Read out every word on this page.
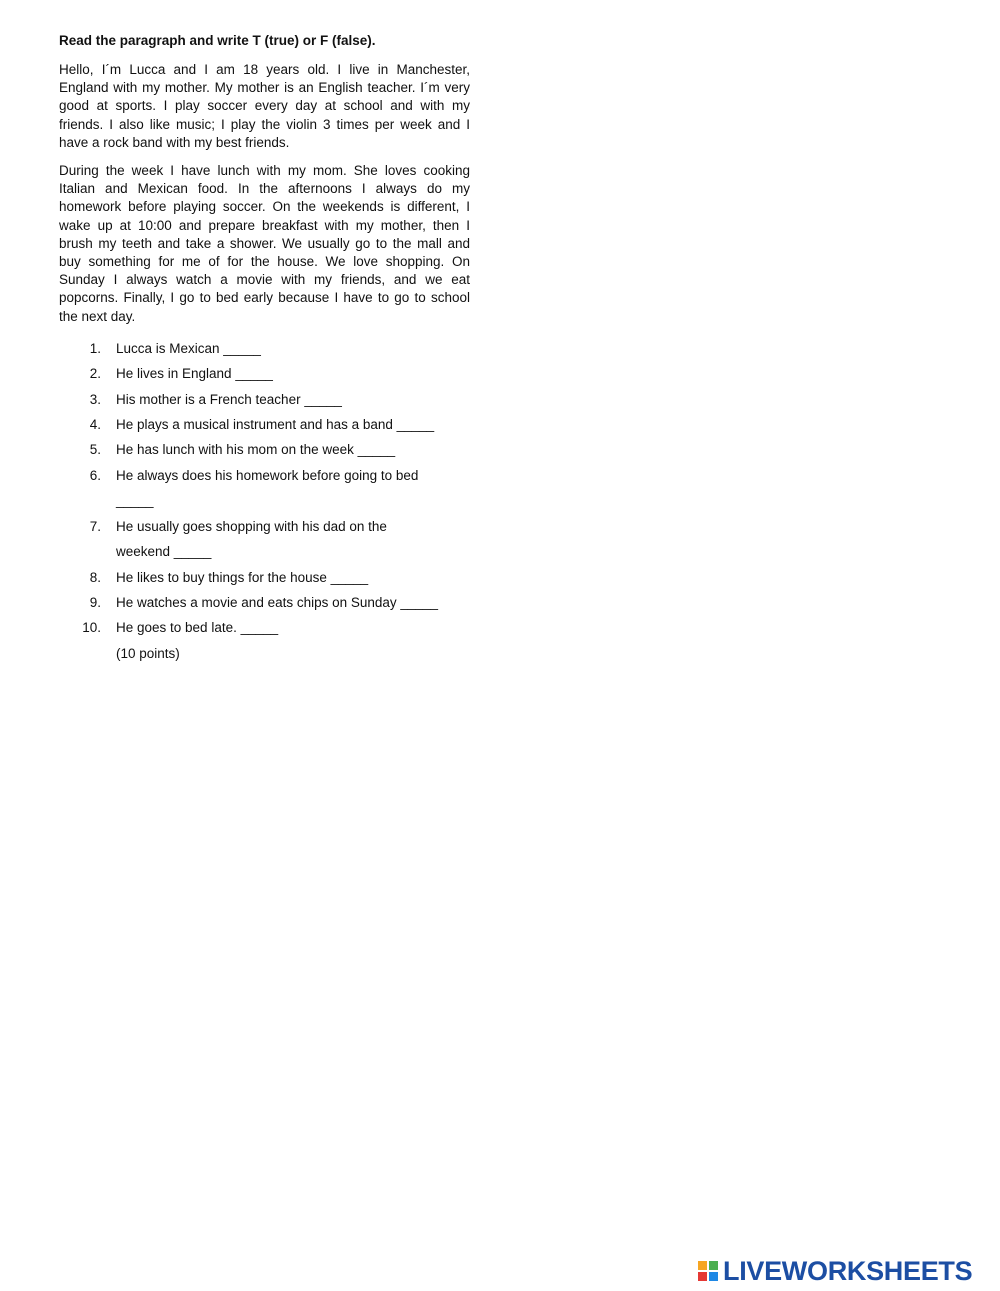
Read the paragraph and write T (true) or F (false).

Hello, I´m Lucca and I am 18 years old. I live in Manchester, England with my mother. My mother is an English teacher. I´m very good at sports. I play soccer every day at school and with my friends. I also like music; I play the violin 3 times per week and I have a rock band with my best friends.

During the week I have lunch with my mom. She loves cooking Italian and Mexican food. In the afternoons I always do my homework before playing soccer. On the weekends is different, I wake up at 10:00 and prepare breakfast with my mother, then I brush my teeth and take a shower. We usually go to the mall and buy something for me of for the house. We love shopping. On Sunday I always watch a movie with my friends, and we eat popcorns. Finally, I go to bed early because I have to go to school the next day.

1.	Lucca is Mexican _____
2.	He lives in England _____
3.	His mother is a French teacher _____
4.	He plays a musical instrument and has a band _____
5.	He has lunch with his mom on the week _____
6.	He always does his homework before going to bed _____
7.	He usually goes shopping with his dad on the weekend _____
8.	He likes to buy things for the house _____
9.	He watches a movie and eats chips on Sunday _____
10.	He goes to bed late. _____
(10 points)
LIVEWORKSHEETS
